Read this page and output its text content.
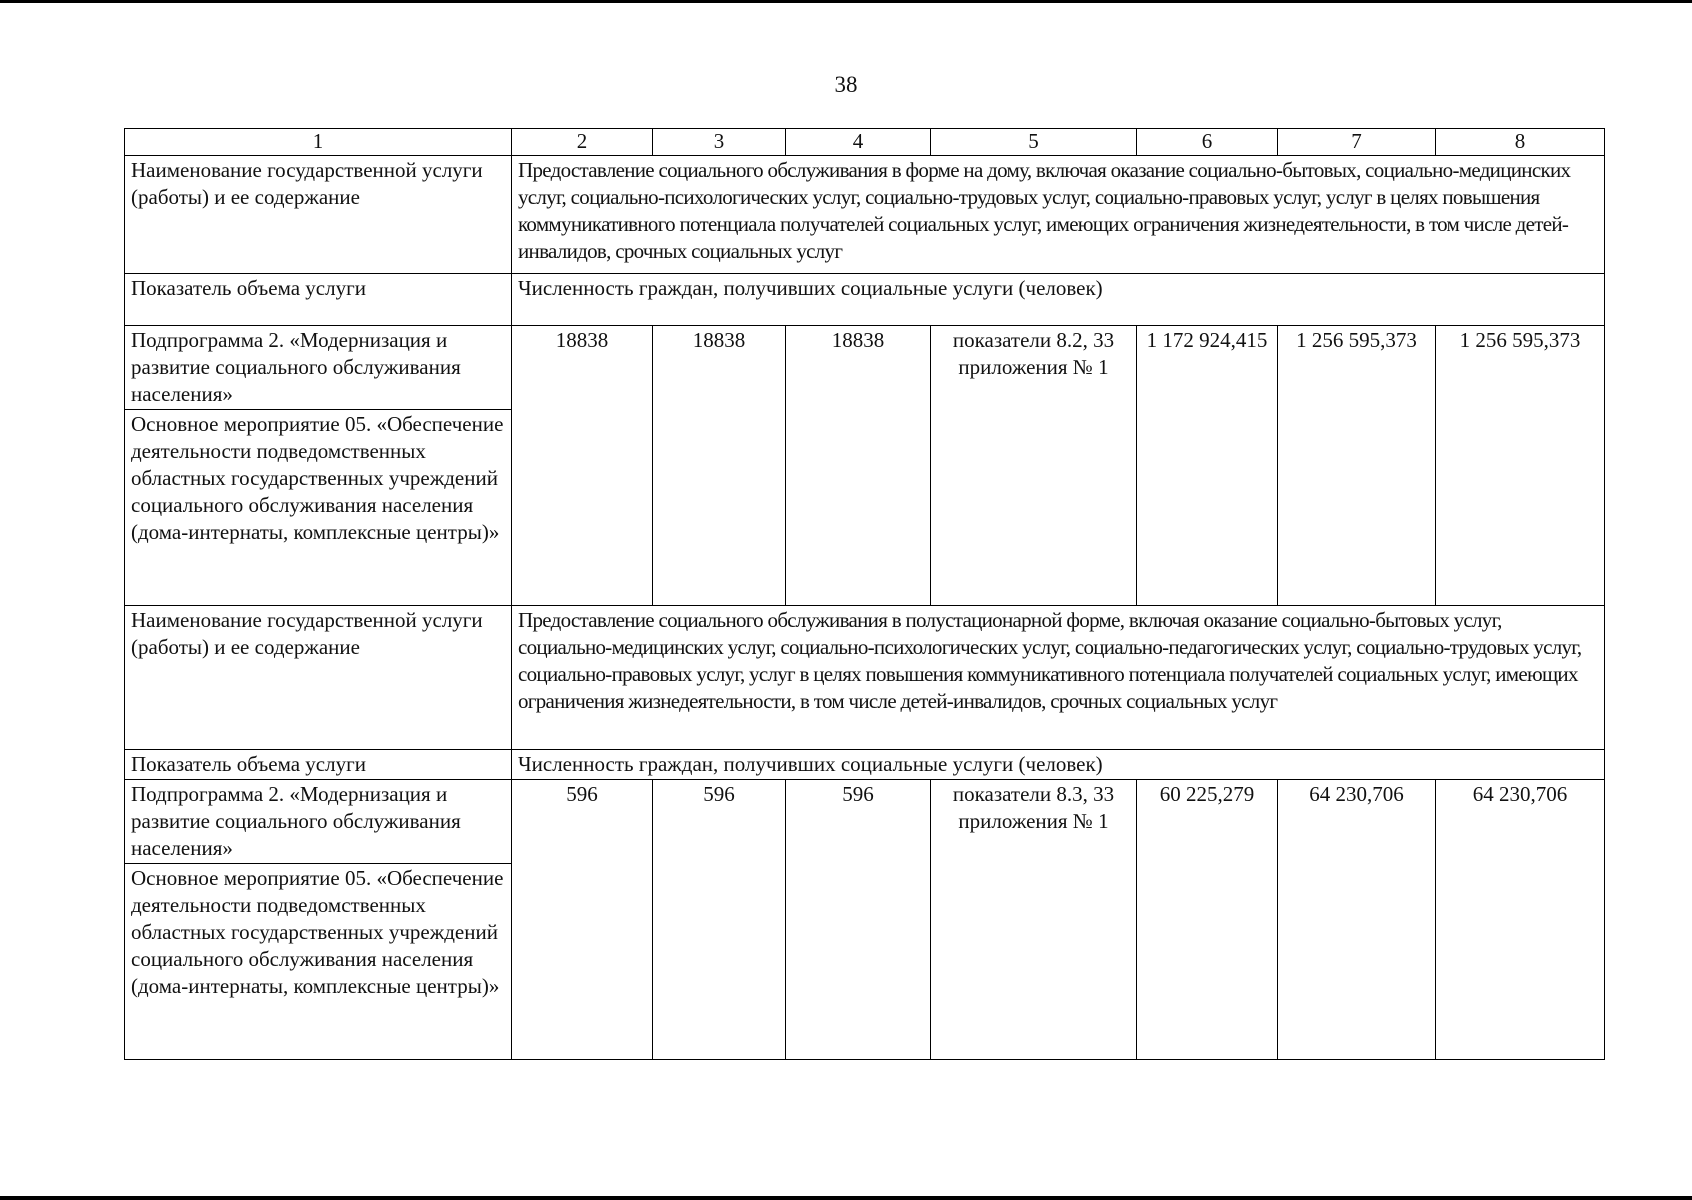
38
1	2	3	4	5	6	7	8
Наименование государственной услуги (работы) и ее содержание	Предоставление социального обслуживания в форме на дому, включая оказание социально-бытовых, социально-медицинских услуг, социально-психологических услуг, социально-трудовых услуг, социально-правовых услуг, услуг в целях повышения коммуникативного потенциала получателей социальных услуг, имеющих ограничения жизнедеятельности, в том числе детей-инвалидов, срочных социальных услуг						
Показатель объема услуги	Численность граждан, получивших социальные услуги (человек)						
Подпрограмма 2. «Модернизация и развитие социального обслуживания населения»	18838	18838	18838	показатели 8.2, 33 приложения № 1	1 172 924,415	1 256 595,373	1 256 595,373
Основное мероприятие 05. «Обеспечение деятельности подведомственных областных государственных учреждений социального обслуживания населения (дома-интернаты, комплексные центры)»							
Наименование государственной услуги (работы) и ее содержание	Предоставление социального обслуживания в полустационарной форме, включая оказание социально-бытовых услуг, социально-медицинских услуг, социально-психологических услуг, социально-педагогических услуг, социально-трудовых услуг, социально-правовых услуг, услуг в целях повышения коммуникативного потенциала получателей социальных услуг, имеющих ограничения жизнедеятельности, в том числе детей-инвалидов, срочных социальных услуг						
Показатель объема услуги	Численность граждан, получивших социальные услуги (человек)						
Подпрограмма 2. «Модернизация и развитие социального обслуживания населения»	596	596	596	показатели 8.3, 33 приложения № 1	60 225,279	64 230,706	64 230,706
Основное мероприятие 05. «Обеспечение деятельности подведомственных областных государственных учреждений социального обслуживания населения (дома-интернаты, комплексные центры)»							
